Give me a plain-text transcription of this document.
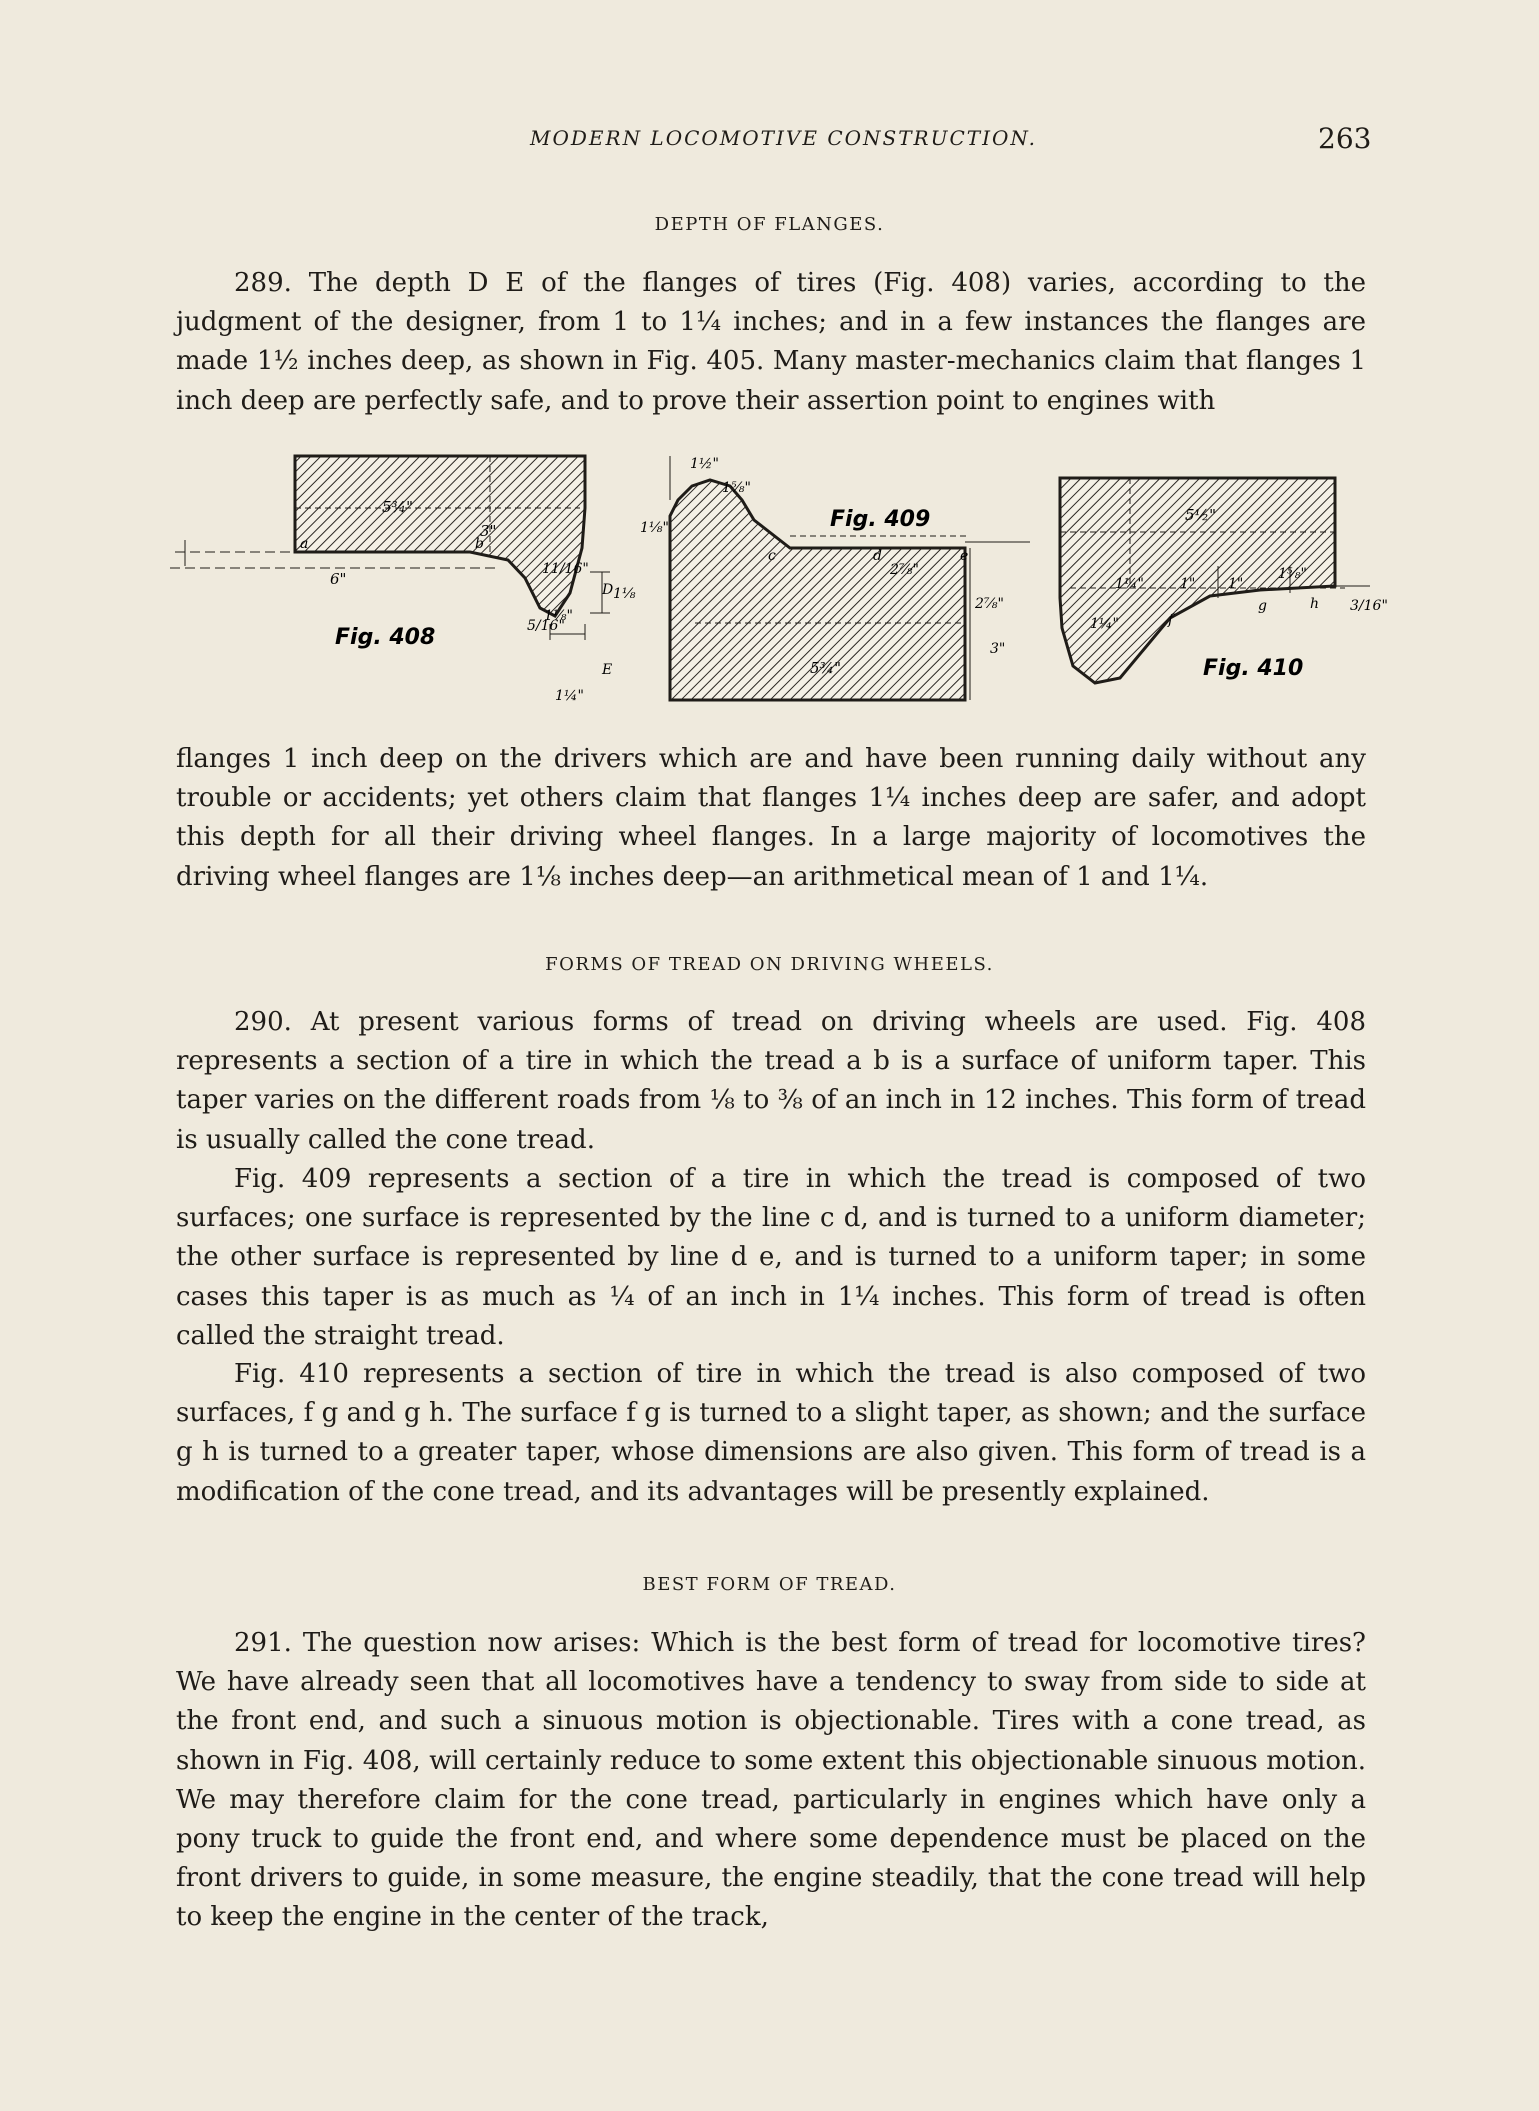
MODERN LOCOMOTIVE CONSTRUCTION.	263
DEPTH OF FLANGES.

289. The depth D E of the flanges of tires (Fig. 408) varies, according to the judgment of the designer, from 1 to 1¼ inches; and in a few instances the flanges are made 1½ inches deep, as shown in Fig. 405. Many master-mechanics claim that flanges 1 inch deep are perfectly safe, and to prove their assertion point to engines with

5¾"
3"
6"
11/16"
5/16"
1⅛"
1⅛
1¼"
a	b
D
E
Fig. 408
1½"
1⅝"
2⅞"
2⅞"
1⅛"
3"
5¾"
c	d	e
Fig. 409	5½"
1¼"	1" 1"
1⅝"
1¼"
3/16"
f
g	h
Fig. 410

flanges 1 inch deep on the drivers which are and have been running daily without any trouble or accidents; yet others claim that flanges 1¼ inches deep are safer, and adopt this depth for all their driving wheel flanges. In a large majority of locomotives the driving wheel flanges are 1⅛ inches deep—an arithmetical mean of 1 and 1¼.

FORMS OF TREAD ON DRIVING WHEELS.

290. At present various forms of tread on driving wheels are used. Fig. 408 represents a section of a tire in which the tread a b is a surface of uniform taper. This taper varies on the different roads from ⅛ to ⅜ of an inch in 12 inches. This form of tread is usually called the cone tread.

Fig. 409 represents a section of a tire in which the tread is composed of two surfaces; one surface is represented by the line c d, and is turned to a uniform diameter; the other surface is represented by line d e, and is turned to a uniform taper; in some cases this taper is as much as ¼ of an inch in 1¼ inches. This form of tread is often called the straight tread.

Fig. 410 represents a section of tire in which the tread is also composed of two surfaces, f g and g h. The surface f g is turned to a slight taper, as shown; and the surface g h is turned to a greater taper, whose dimensions are also given. This form of tread is a modification of the cone tread, and its advantages will be presently explained.

BEST FORM OF TREAD.

291. The question now arises: Which is the best form of tread for locomotive tires? We have already seen that all locomotives have a tendency to sway from side to side at the front end, and such a sinuous motion is objectionable. Tires with a cone tread, as shown in Fig. 408, will certainly reduce to some extent this objectionable sinuous motion. We may therefore claim for the cone tread, particularly in engines which have only a pony truck to guide the front end, and where some dependence must be placed on the front drivers to guide, in some measure, the engine steadily, that the cone tread will help to keep the engine in the center of the track,
